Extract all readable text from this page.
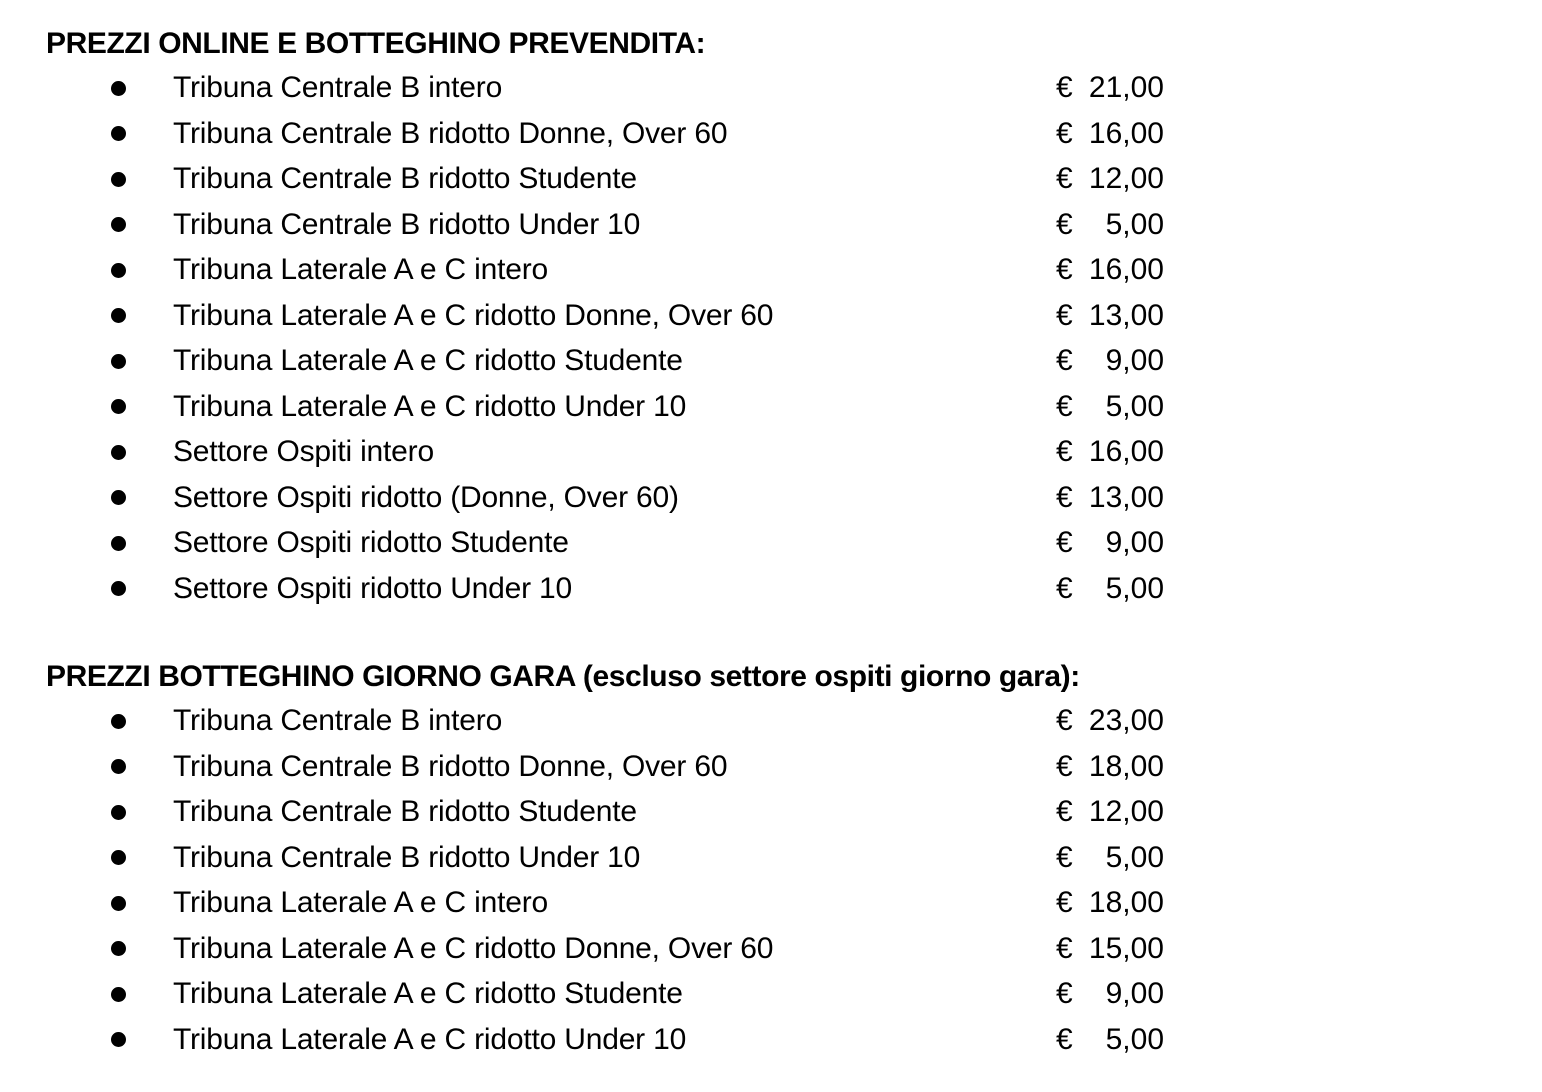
PREZZI ONLINE E BOTTEGHINO PREVENDITA:
Tribuna Centrale B intero	€ 21,00
Tribuna Centrale B ridotto Donne, Over 60	€ 16,00
Tribuna Centrale B ridotto Studente	€ 12,00
Tribuna Centrale B ridotto Under 10	€	5,00
Tribuna Laterale A e C intero	€ 16,00
Tribuna Laterale A e C ridotto Donne, Over 60	€ 13,00
Tribuna Laterale A e C ridotto Studente	€	9,00
Tribuna Laterale A e C ridotto Under 10	€	5,00
Settore Ospiti intero	€ 16,00
Settore Ospiti ridotto (Donne, Over 60)	€ 13,00
Settore Ospiti ridotto Studente	€	9,00
Settore Ospiti ridotto Under 10	€	5,00
PREZZI BOTTEGHINO GIORNO GARA (escluso settore ospiti giorno gara):
Tribuna Centrale B intero	€ 23,00
Tribuna Centrale B ridotto Donne, Over 60	€ 18,00
Tribuna Centrale B ridotto Studente	€ 12,00
Tribuna Centrale B ridotto Under 10	€	5,00
Tribuna Laterale A e C intero	€ 18,00
Tribuna Laterale A e C ridotto Donne, Over 60	€ 15,00
Tribuna Laterale A e C ridotto Studente	€	9,00
Tribuna Laterale A e C ridotto Under 10	€	5,00
